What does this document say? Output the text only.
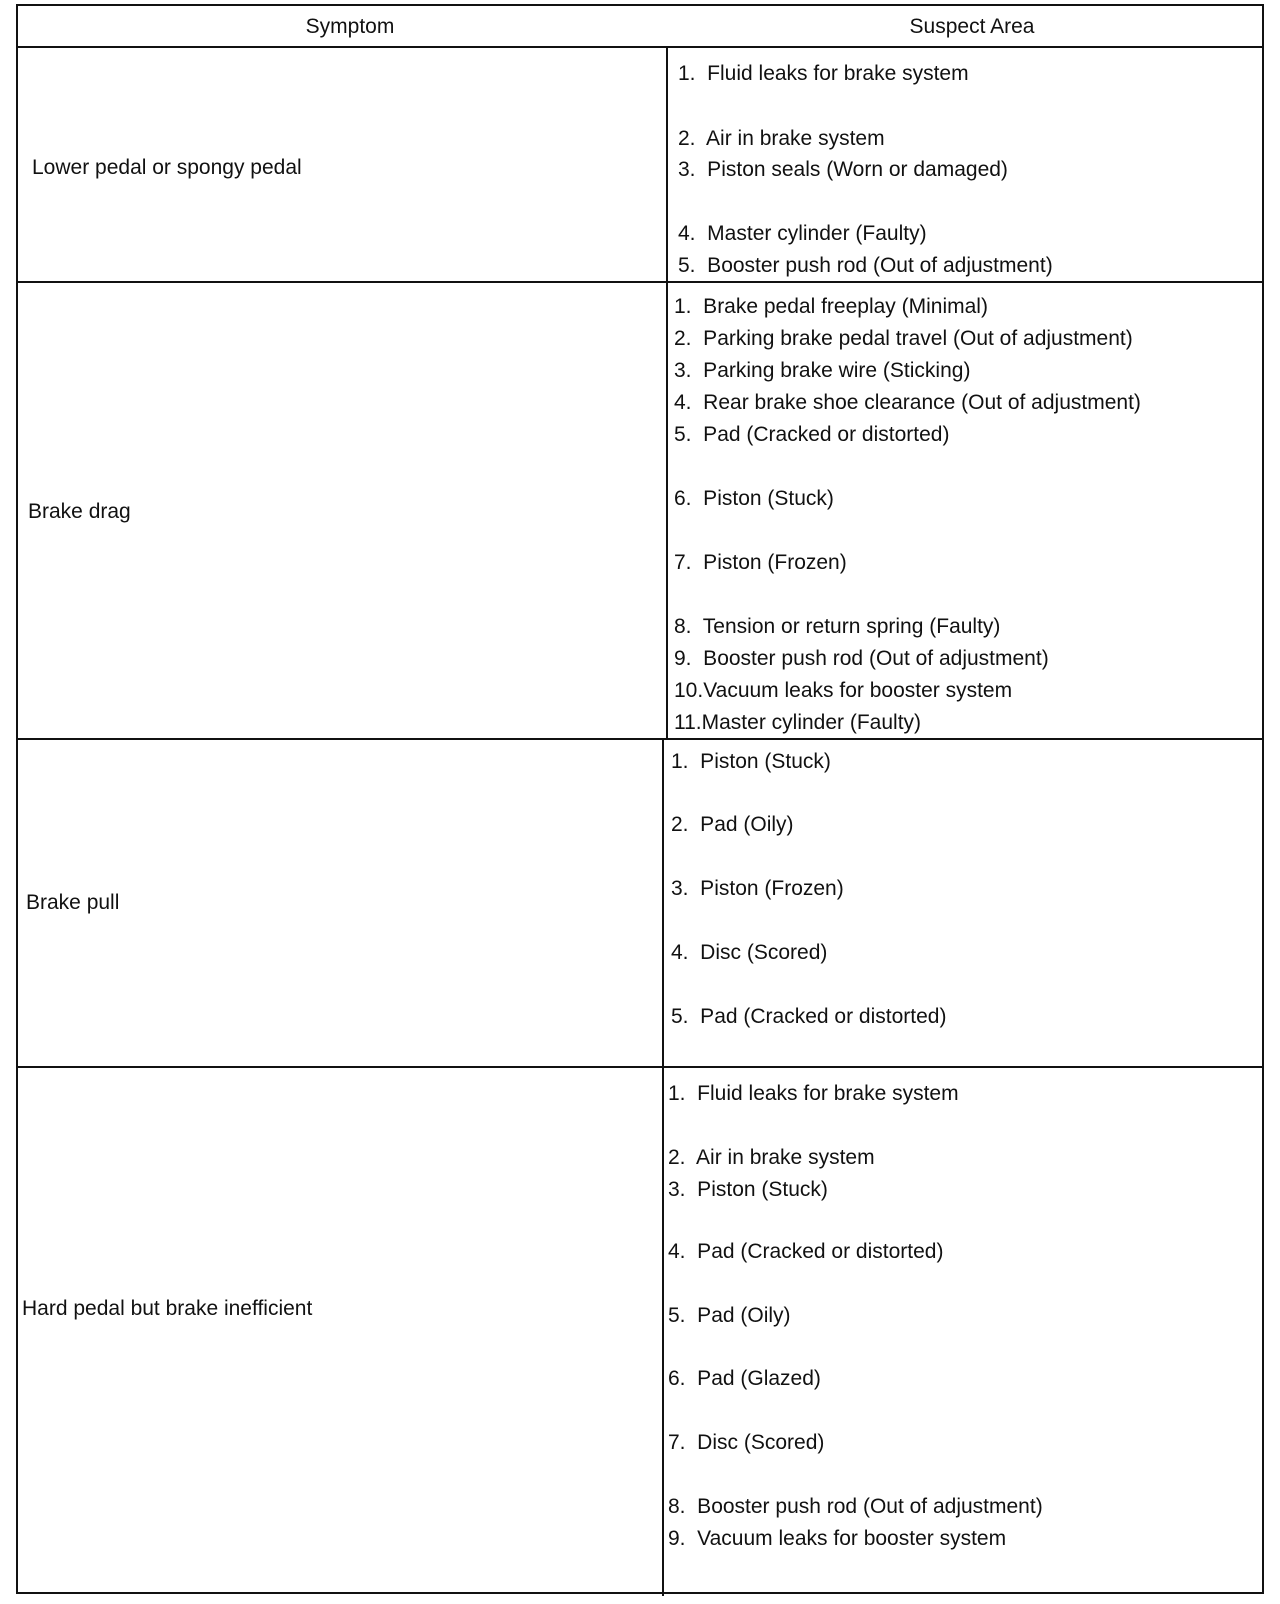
Symptom	Suspect Area
Lower pedal or spongy pedal
1.  Fluid leaks for brake system
2.  Air in brake system
3.  Piston seals (Worn or damaged)
4.  Master cylinder (Faulty)
5.  Booster push rod (Out of adjustment)
Brake drag
1.  Brake pedal freeplay (Minimal)
2.  Parking brake pedal travel (Out of adjustment)
3.  Parking brake wire (Sticking)
4.  Rear brake shoe clearance (Out of adjustment)
5.  Pad (Cracked or distorted)
6.  Piston (Stuck)
7.  Piston (Frozen)
8.  Tension or return spring (Faulty)
9.  Booster push rod (Out of adjustment)
10.Vacuum leaks for booster system
11.Master cylinder (Faulty)
Brake pull
1.  Piston (Stuck)
2.  Pad (Oily)
3.  Piston (Frozen)
4.  Disc (Scored)
5.  Pad (Cracked or distorted)
Hard pedal but brake inefficient
1.  Fluid leaks for brake system
2.  Air in brake system
3.  Piston (Stuck)
4.  Pad (Cracked or distorted)
5.  Pad (Oily)
6.  Pad (Glazed)
7.  Disc (Scored)
8.  Booster push rod (Out of adjustment)
9.  Vacuum leaks for booster system
